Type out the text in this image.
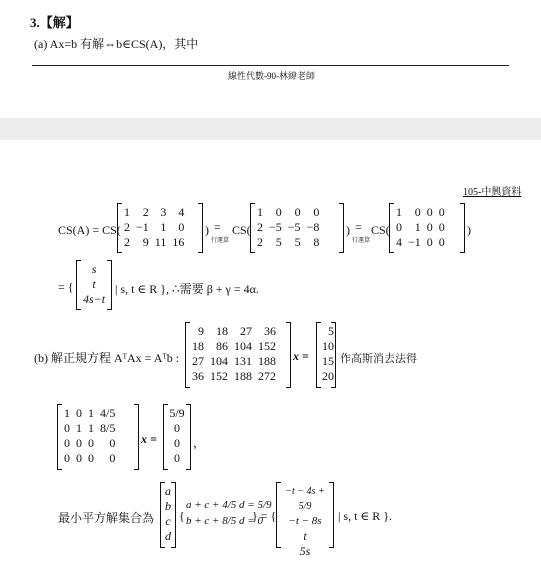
3.【解】
(a) Ax=b 有解⇔b∈CS(A)，其中
線性代數-90-林緯老師
105-中興資料
CS(A) = CS(
1	2	3	4
2	−1	1	0
2	9	11	16
) =
行運算
CS(
1	0	0	0
2	−5	−5	−8
2	5	5	8
) =
行運算
CS(
1	0	0	0
0	1	0	0
4	−1	0	0
)
= {
s
t
4s−t
| s, t ∈ R }, ∴需要 β + γ = 4α.
(b) 解正規方程 AᵀAx = Aᵀb :
9	18	27	36
18	86	104	152
27	104	131	188
36	152	188	272
x =
5
10
15
20
作高斯消去法得
1	0	1	4/5
0	1	1	8/5
0	0	0	0
0	0	0	0
x =
5/9
0
0
0
，
最小平方解集合為
a
b
c
d
{
a + c + 4/5 d = 5/9
b + c + 8/5 d = 0
} = {
−t − 4s + 5/9
−t − 8s
t
5s
| s, t ∈ R }.
